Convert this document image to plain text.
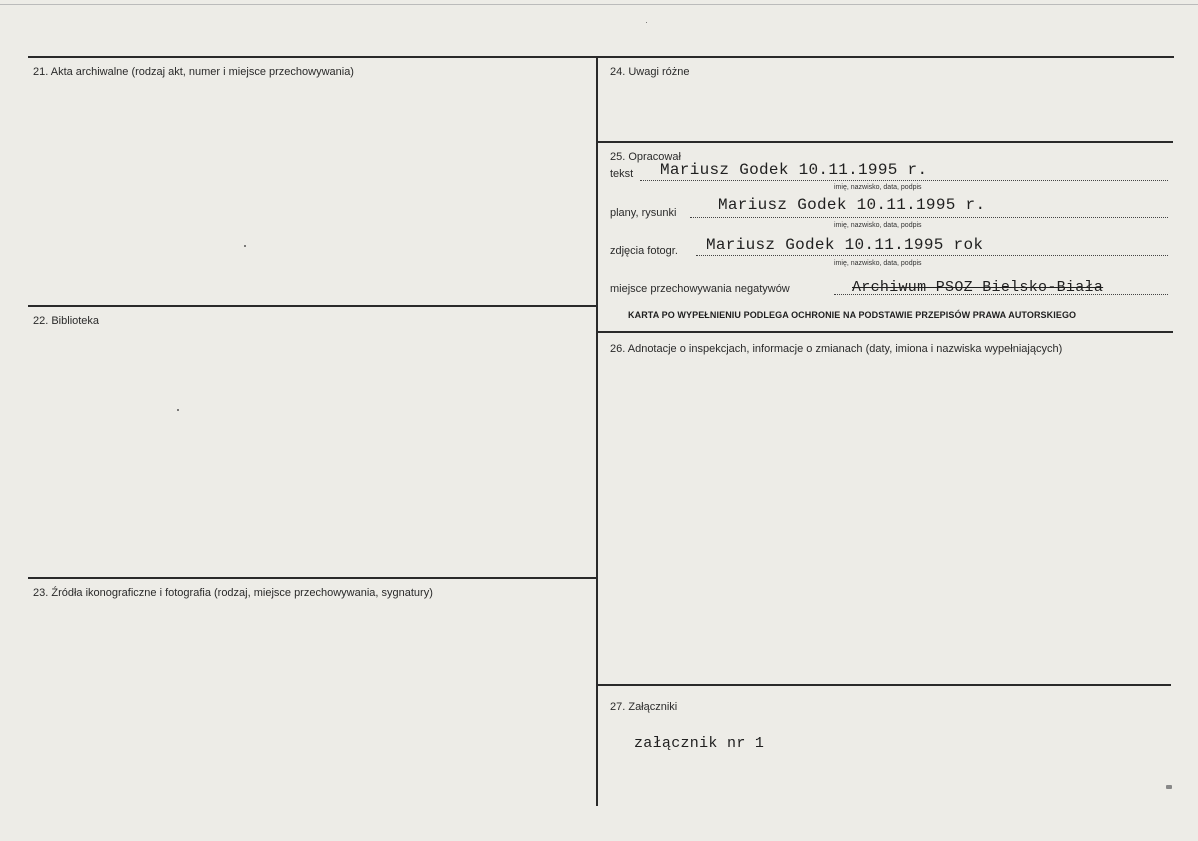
21. Akta archiwalne (rodzaj akt, numer i miejsce przechowywania)
22. Biblioteka
23. Źródła ikonograficzne i fotografia (rodzaj, miejsce przechowywania, sygnatury)
24. Uwagi różne
25. Opracował
tekst Mariusz Godek 10.11.1995 r.
imię, nazwisko, data, podpis
plany, rysunki	Mariusz Godek 10.11.1995 r.
imię, nazwisko, data, podpis
zdjęcia fotogr. Mariusz Godek 10.11.1995 rok
imię, nazwisko, data, podpis
miejsce przechowywania negatywów	Archiwum PSOZ Bielsko-Biała
KARTA PO WYPEŁNIENIU PODLEGA OCHRONIE NA PODSTAWIE PRZEPISÓW PRAWA AUTORSKIEGO
26. Adnotacje o inspekcjach, informacje o zmianach (daty, imiona i nazwiska wypełniających)
27. Załączniki
załącznik nr 1
